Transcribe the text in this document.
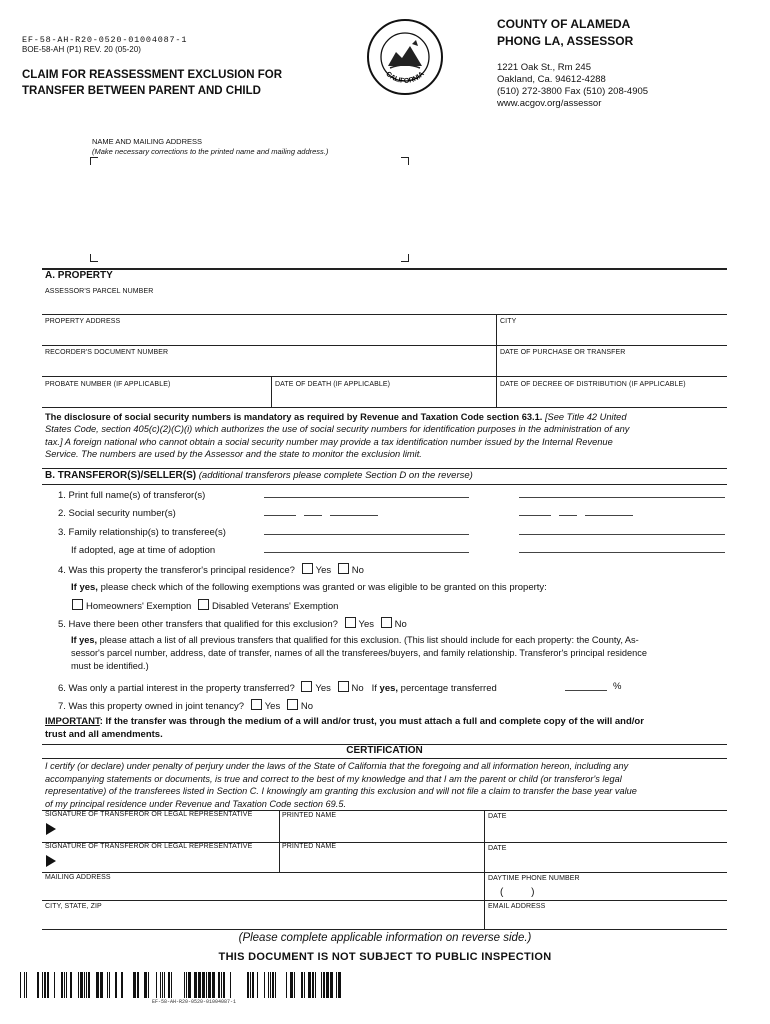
EF-58-AH-R20-0520-01004087-1
BOE-58-AH (P1) REV. 20 (05-20)
CLAIM FOR REASSESSMENT EXCLUSION FOR
TRANSFER BETWEEN PARENT AND CHILD
CALIFORNIA
COUNTY OF ALAMEDA
PHONG LA, ASSESSOR
1221 Oak St., Rm 245
Oakland, Ca. 94612-4288
(510) 272-3800 Fax (510) 208-4905
www.acgov.org/assessor
NAME AND MAILING ADDRESS
(Make necessary corrections to the printed name and mailing address.)
A. PROPERTY
ASSESSOR'S PARCEL NUMBER
PROPERTY ADDRESS	CITY
RECORDER'S DOCUMENT NUMBER	DATE OF PURCHASE OR TRANSFER
PROBATE NUMBER (IF APPLICABLE)	DATE OF DEATH (IF APPLICABLE)	DATE OF DECREE OF DISTRIBUTION (IF APPLICABLE)
The disclosure of social security numbers is mandatory as required by Revenue and Taxation Code section 63.1. [See Title 42 United
States Code, section 405(c)(2)(C)(i) which authorizes the use of social security numbers for identification purposes in the administration of any
tax.] A foreign national who cannot obtain a social security number may provide a tax identification number issued by the Internal Revenue
Service. The numbers are used by the Assessor and the state to monitor the exclusion limit.
B. TRANSFEROR(S)/SELLER(S) (additional transferors please complete Section D on the reverse)
1. Print full name(s) of transferor(s)
2. Social security number(s)
3. Family relationship(s) to transferee(s)
If adopted, age at time of adoption
4. Was this property the transferor's principal residence? Yes No
If yes, please check which of the following exemptions was granted or was eligible to be granted on this property:
Homeowners' Exemption Disabled Veterans' Exemption
5. Have there been other transfers that qualified for this exclusion? Yes No
If yes, please attach a list of all previous transfers that qualified for this exclusion. (This list should include for each property: the County, As-
sessor's parcel number, address, date of transfer, names of all the transferees/buyers, and family relationship. Transferor's principal residence
must be identified.)
6. Was only a partial interest in the property transferred? Yes No If yes, percentage transferred	%
7. Was this property owned in joint tenancy? Yes No
IMPORTANT: If the transfer was through the medium of a will and/or trust, you must attach a full and complete copy of the will and/or
trust and all amendments.
CERTIFICATION
I certify (or declare) under penalty of perjury under the laws of the State of California that the foregoing and all information hereon, including any
accompanying statements or documents, is true and correct to the best of my knowledge and that I am the parent or child (or transferor's legal
representative) of the transferees listed in Section C. I knowingly am granting this exclusion and will not file a claim to transfer the base year value
of my principal residence under Revenue and Taxation Code section 69.5.
SIGNATURE OF TRANSFEROR OR LEGAL REPRESENTATIVE	PRINTED NAME	DATE
SIGNATURE OF TRANSFEROR OR LEGAL REPRESENTATIVE	PRINTED NAME	DATE
MAILING ADDRESS	DAYTIME PHONE NUMBER
(          )
CITY, STATE, ZIP	EMAIL ADDRESS
(Please complete applicable information on reverse side.)
THIS DOCUMENT IS NOT SUBJECT TO PUBLIC INSPECTION
EF-58-AH-R20-0520-01004087-1
